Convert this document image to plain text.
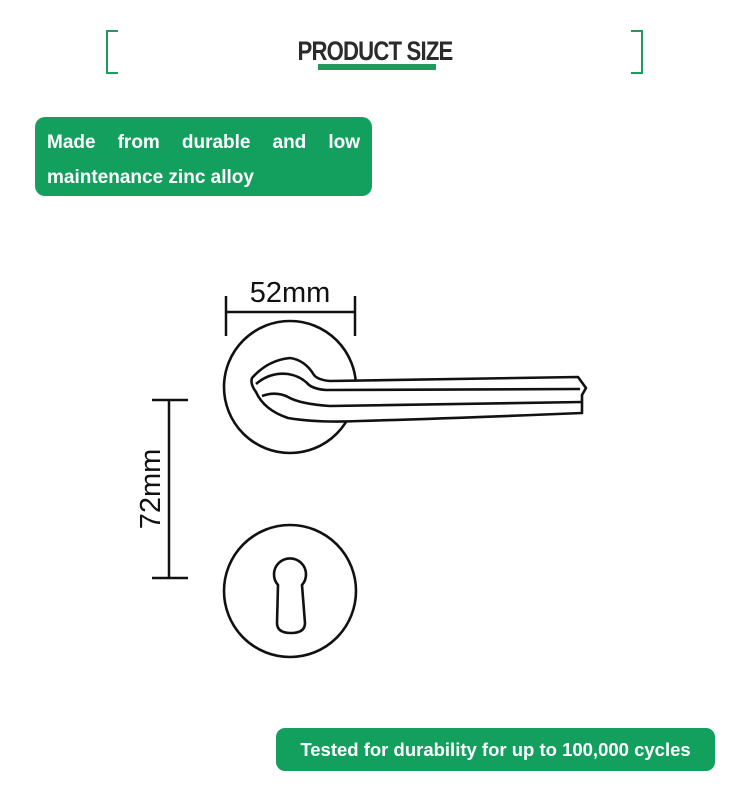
PRODUCT SIZE
Made from durable and low maintenance zinc alloy
52mm
72mm
Tested for durability for up to 100,000 cycles
